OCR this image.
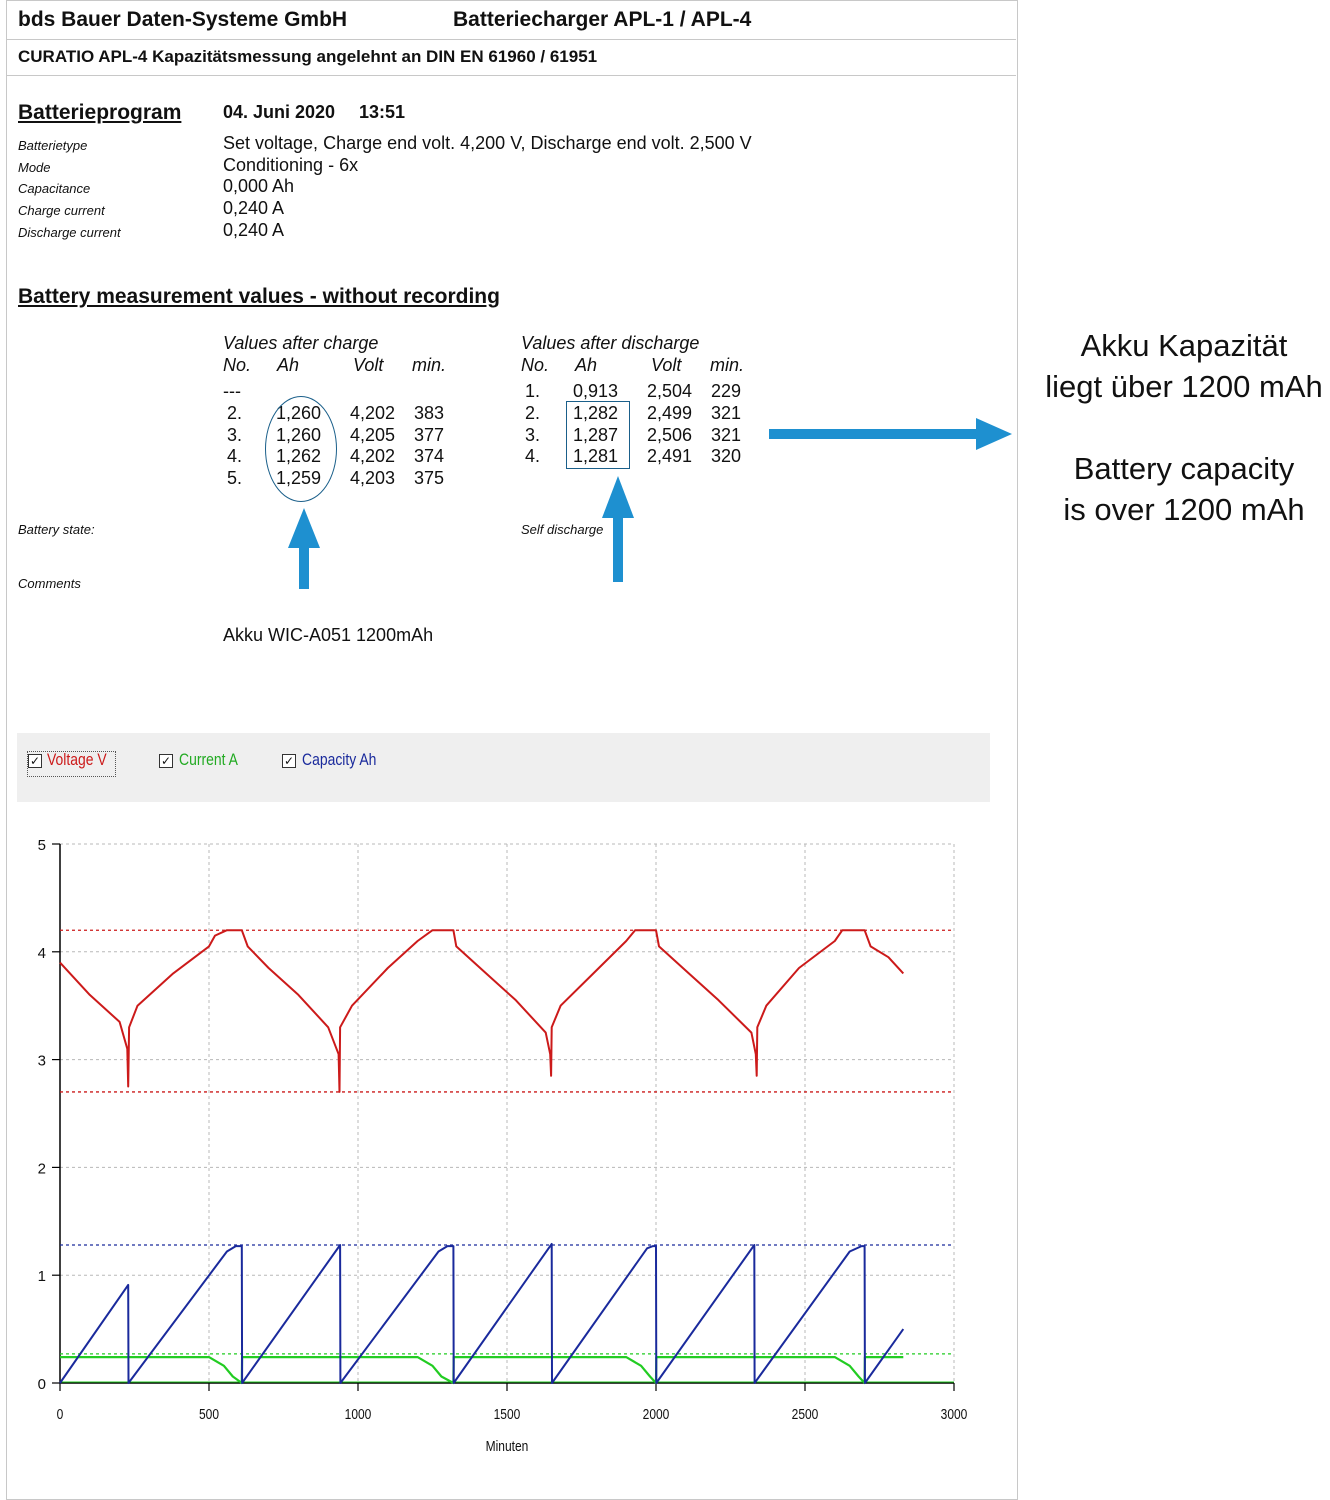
bds Bauer Daten-Systeme GmbH	Batteriecharger APL-1 / APL-4
CURATIO APL-4 Kapazitätsmessung angelehnt an DIN EN 61960 / 61951
Batterieprogram 04. Juni 2020 13:51
Batterietype	Set voltage, Charge end volt. 4,200 V, Discharge end volt. 2,500 V
Mode	Conditioning - 6x
Capacitance	0,000 Ah
Charge current	0,240 A
Discharge current	0,240 A
Battery measurement values - without recording
Values after charge
No. Ah	Volt min.
---
2. 1,260 4,202 383
3. 1,260 4,205 377
4. 1,262 4,202 374
5. 1,259 4,203 375
Values after discharge
No. Ah	Volt min.
1. 0,913 2,504 229
2. 1,282 2,499 321
3. 1,287 2,506 321
4. 1,281 2,491 320
Battery state:	Self discharge
Comments
Akku WIC-A051 1200mAh
Akku Kapazität
liegt über 1200 mAh
Battery capacity
is over 1200 mAh
✓ Voltage V	✓ Current A	✓ Capacity Ah
0	500	1000	1500	2000	2500	3000
0
1
2
3
4
5
Minuten
